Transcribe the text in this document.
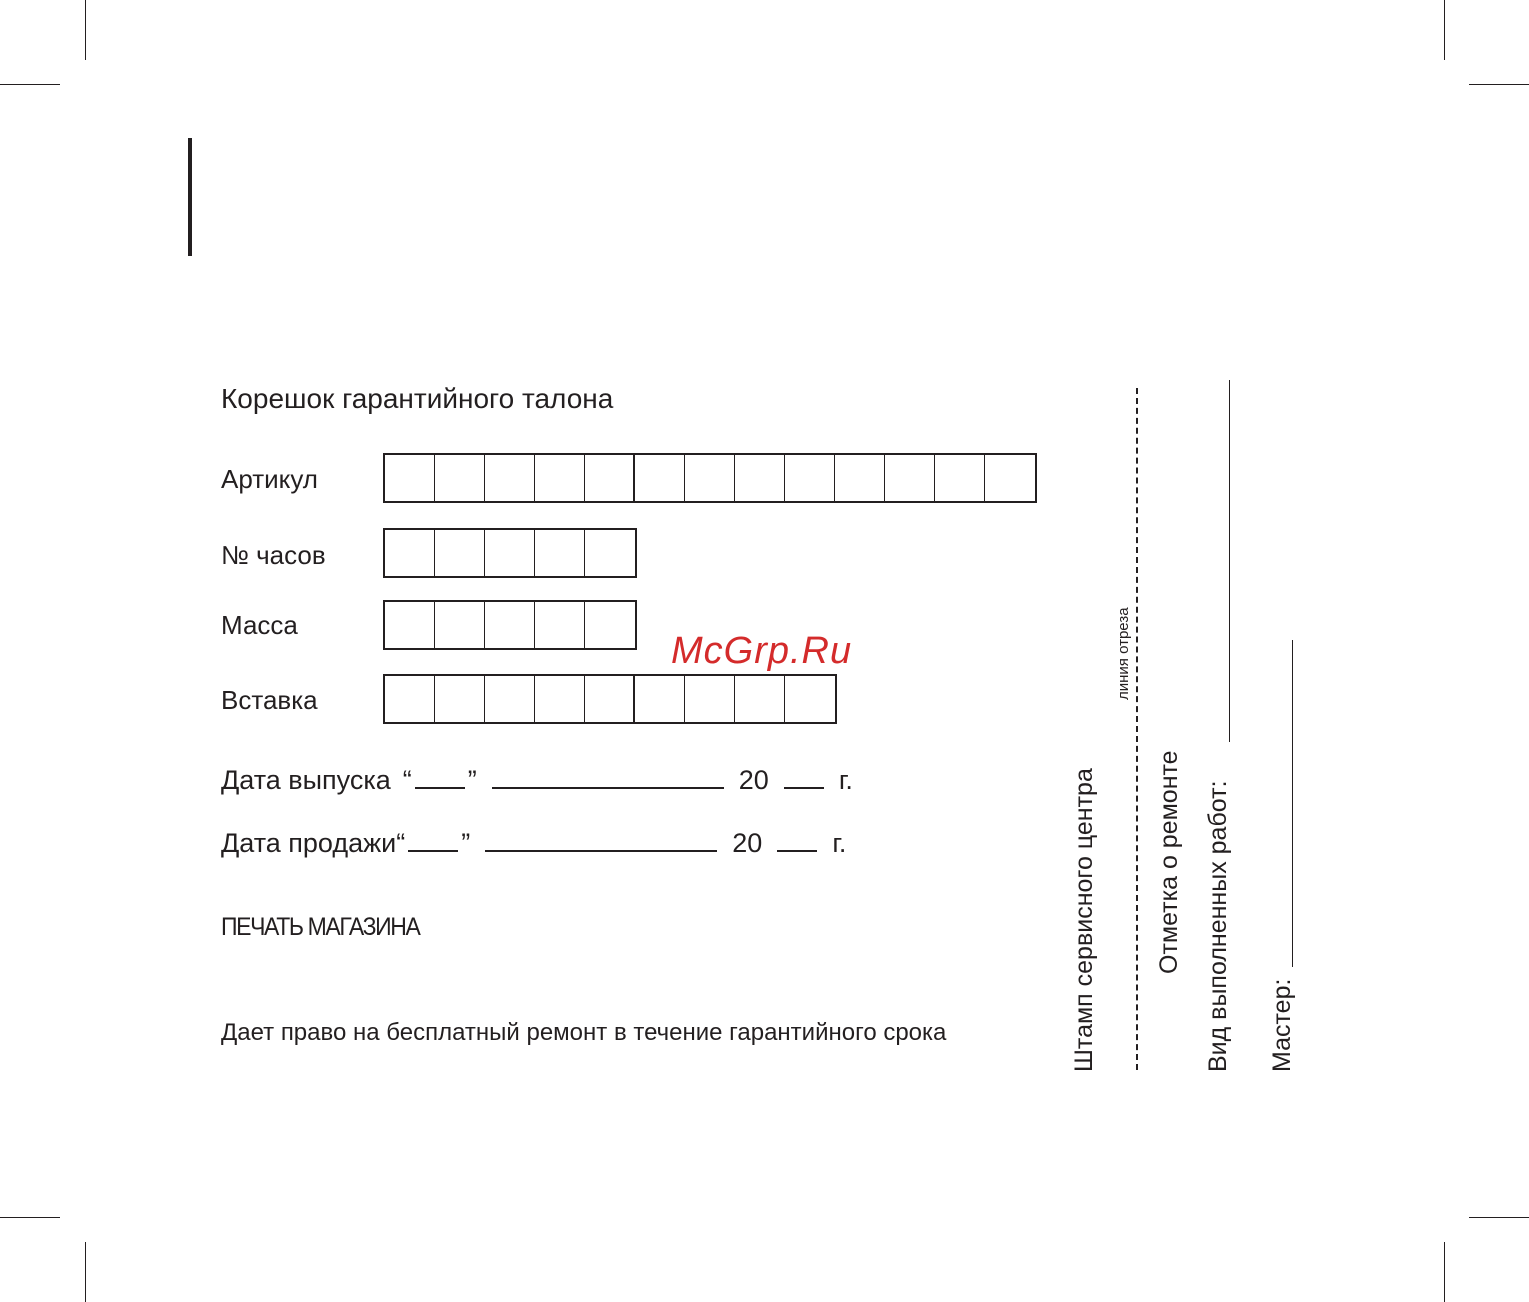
Корешок гарантийного талона
Артикул
№ часов
Масса
Вставка
Дата выпуска “ ”	20	г.
Дата продажи “ ”	20	г.
ПЕЧАТЬ МАГАЗИНА
Дает право на бесплатный ремонт в течение гарантийного срока
McGrp.Ru
Штамп сервисного центра
линия отреза
Отметка о ремонте Вид выполненных работ: Мастер:
